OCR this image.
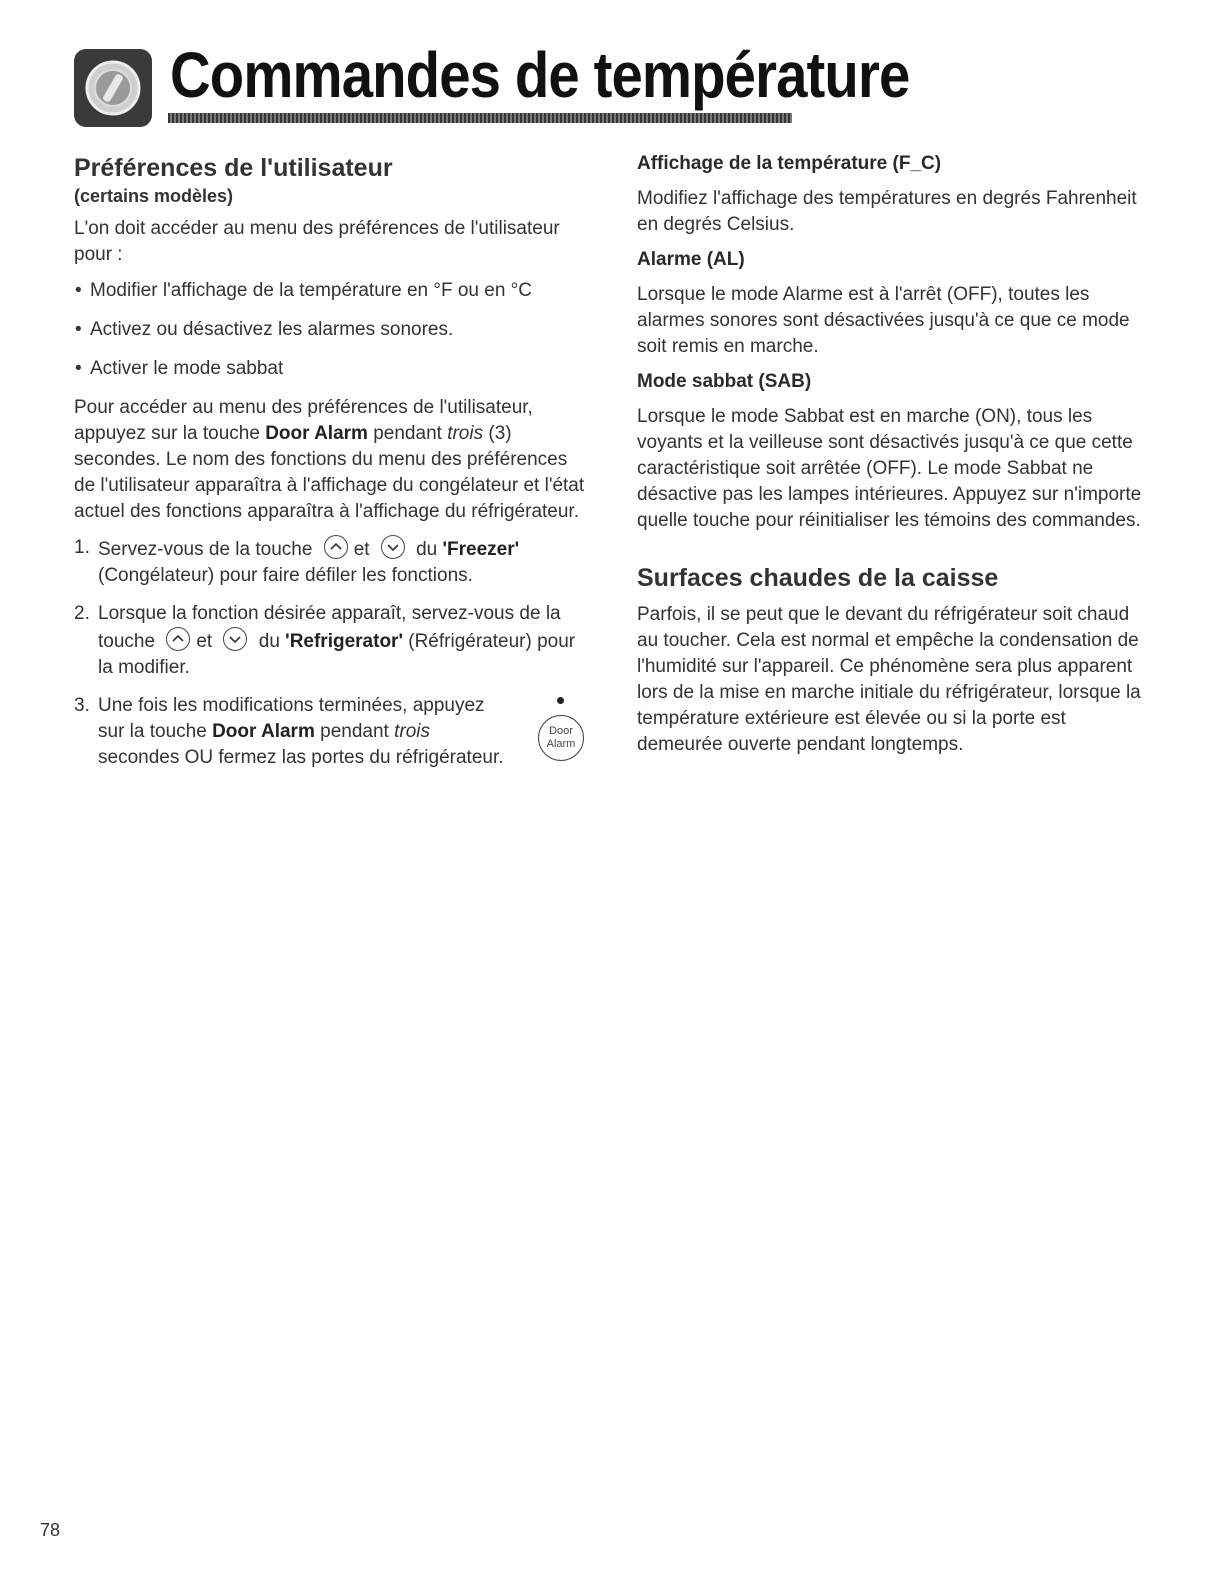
Commandes de température
Préférences de l'utilisateur
(certains modèles)

L'on doit accéder au menu des préférences de l'utilisateur pour :

• Modifier l'affichage de la température en °F ou en °C
• Activez ou désactivez les alarmes sonores.
• Activer le mode sabbat

Pour accéder au menu des préférences de l'utilisateur, appuyez sur la touche Door Alarm pendant trois (3) secondes. Le nom des fonctions du menu des préférences de l'utilisateur apparaîtra à l'affichage du congélateur et l'état actuel des fonctions apparaîtra à l'affichage du réfrigérateur.

1. Servez-vous de la touche et du 'Freezer' (Congélateur) pour faire défiler les fonctions.
2. Lorsque la fonction désirée apparaît, servez-vous de la touche et du 'Refrigerator' (Réfrigérateur) pour la modifier.
3. Une fois les modifications terminées, appuyez sur la touche Door Alarm pendant trois secondes OU fermez las portes du réfrigérateur.
Door
Alarm
Affichage de la température (F_C)

Modifiez l'affichage des températures en degrés Fahrenheit en degrés Celsius.

Alarme (AL)

Lorsque le mode Alarme est à l'arrêt (OFF), toutes les alarmes sonores sont désactivées jusqu'à ce que ce mode soit remis en marche.

Mode sabbat (SAB)

Lorsque le mode Sabbat est en marche (ON), tous les voyants et la veilleuse sont désactivés jusqu'à ce que cette caractéristique soit arrêtée (OFF). Le mode Sabbat ne désactive pas les lampes intérieures. Appuyez sur n'importe quelle touche pour réinitialiser les témoins des commandes.

Surfaces chaudes de la caisse

Parfois, il se peut que le devant du réfrigérateur soit chaud au toucher. Cela est normal et empêche la condensation de l'humidité sur l'appareil. Ce phénomène sera plus apparent lors de la mise en marche initiale du réfrigérateur, lorsque la température extérieure est élevée ou si la porte est demeurée ouverte pendant longtemps.

78
